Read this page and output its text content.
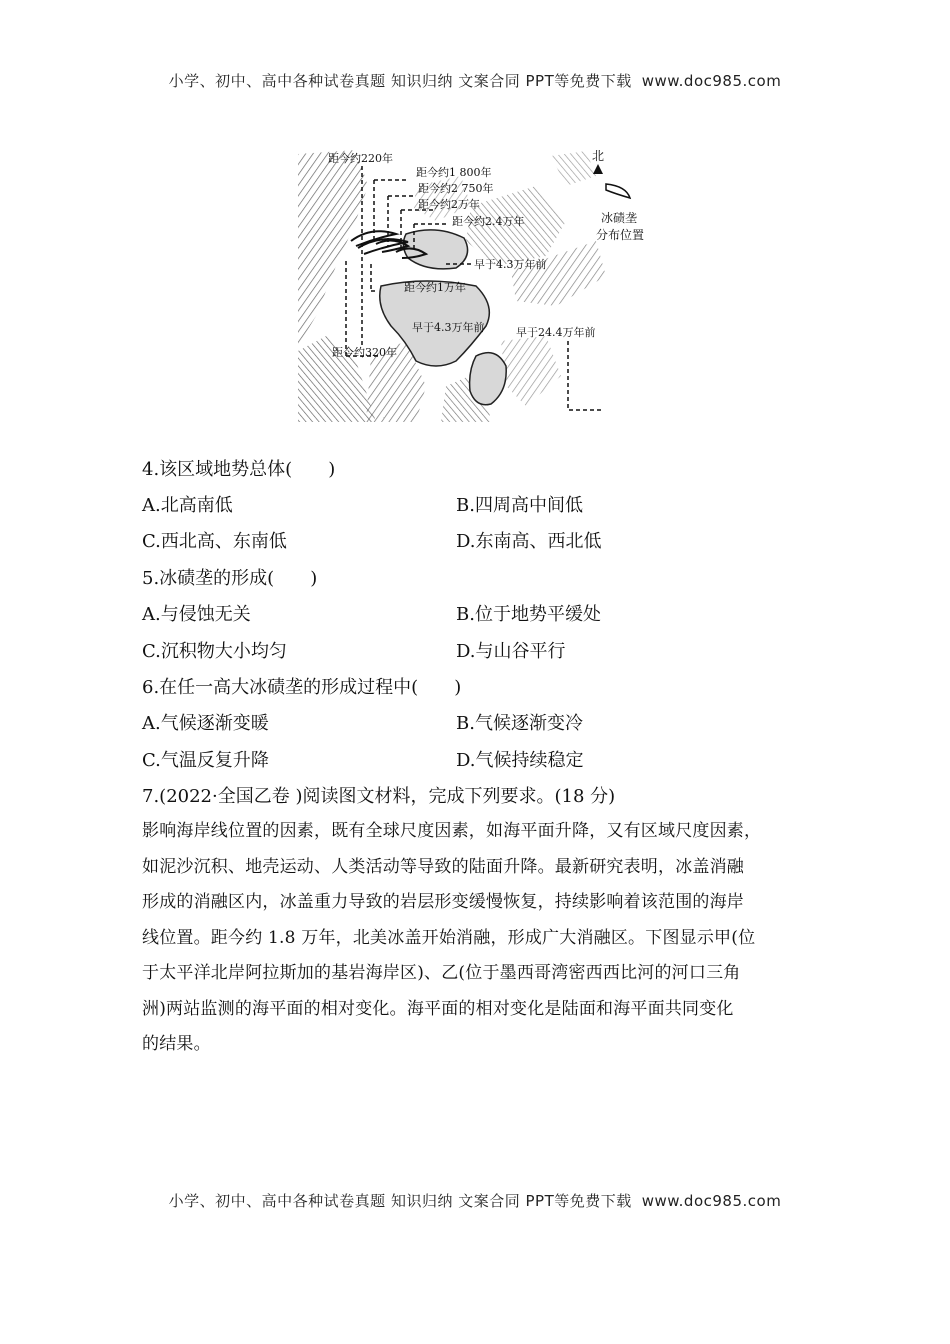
小学、初中、高中各种试卷真题 知识归纳 文案合同 PPT等免费下载 www.doc985.com
北
冰碛垄
分布位置
距今约220年
距今约1 800年
距今约2 750年
距今约2万年
距今约2.4万年
早于4.3万年前
距今约1万年
早于4.3万年前	早于24.4万年前
距今约320年
4.该区域地势总体(　　)
A.北高南低	B.四周高中间低
C.西北高、东南低	D.东南高、西北低
5.冰碛垄的形成(　　)
A.与侵蚀无关	B.位于地势平缓处
C.沉积物大小均匀	D.与山谷平行
6.在任一高大冰碛垄的形成过程中(　　)
A.气候逐渐变暖	B.气候逐渐变冷
C.气温反复升降	D.气候持续稳定
7.(2022·全国乙卷 )阅读图文材料，完成下列要求。(18 分)
影响海岸线位置的因素，既有全球尺度因素，如海平面升降，又有区域尺度因素，
如泥沙沉积、地壳运动、人类活动等导致的陆面升降。最新研究表明，冰盖消融
形成的消融区内，冰盖重力导致的岩层形变缓慢恢复，持续影响着该范围的海岸
线位置。距今约 1.8 万年，北美冰盖开始消融，形成广大消融区。下图显示甲(位
于太平洋北岸阿拉斯加的基岩海岸区)、乙(位于墨西哥湾密西西比河的河口三角
洲)两站监测的海平面的相对变化。海平面的相对变化是陆面和海平面共同变化
的结果。
小学、初中、高中各种试卷真题 知识归纳 文案合同 PPT等免费下载 www.doc985.com
